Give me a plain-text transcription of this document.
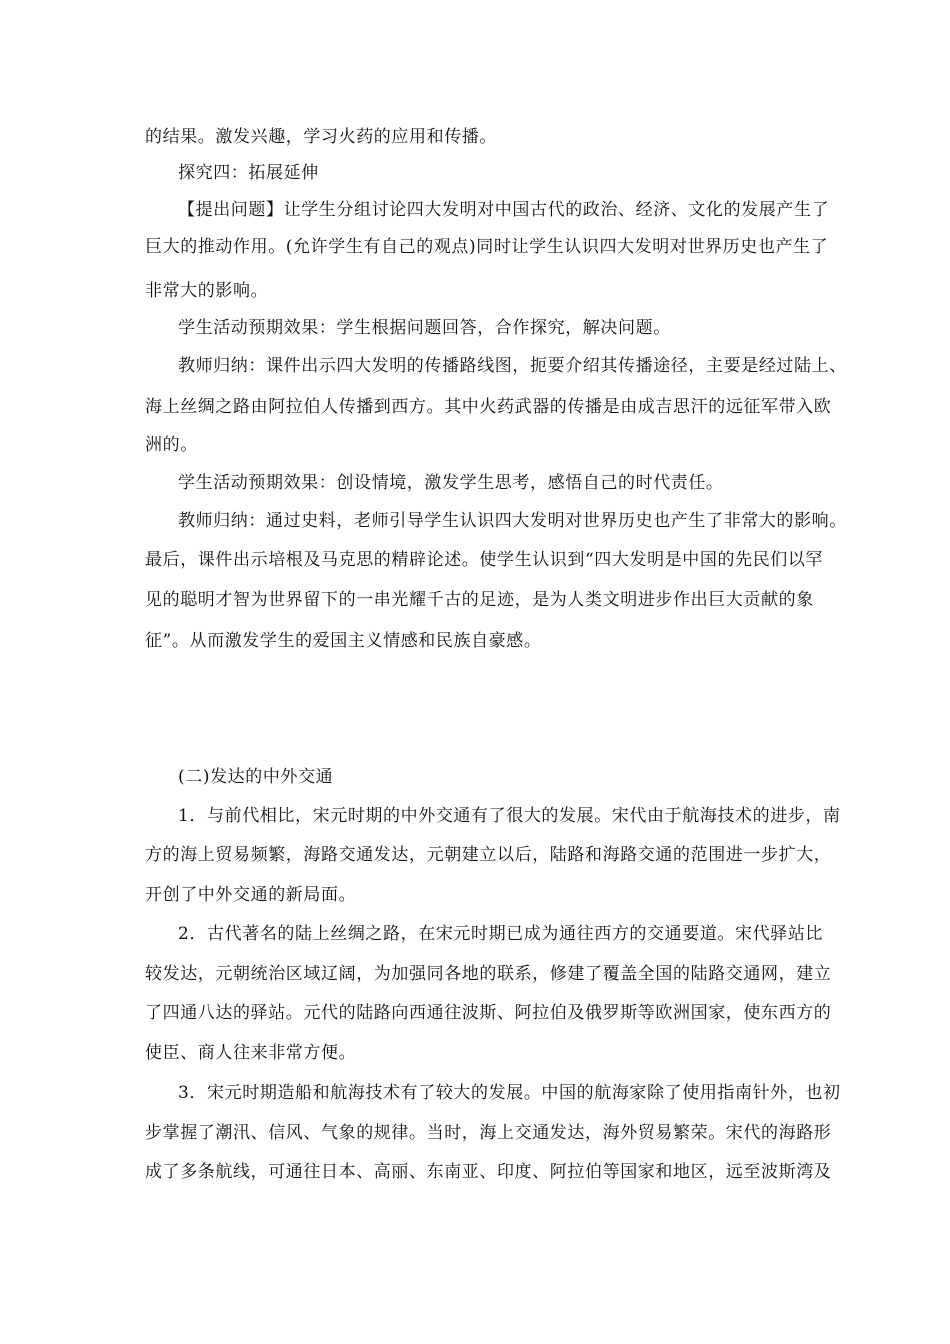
的结果。激发兴趣，学习火药的应用和传播。
探究四：拓展延伸
【提出问题】让学生分组讨论四大发明对中国古代的政治、经济、文化的发展产生了
巨大的推动作用。(允许学生有自己的观点)同时让学生认识四大发明对世界历史也产生了
非常大的影响。
学生活动预期效果：学生根据问题回答，合作探究，解决问题。
教师归纳：课件出示四大发明的传播路线图，扼要介绍其传播途径，主要是经过陆上、
海上丝绸之路由阿拉伯人传播到西方。其中火药武器的传播是由成吉思汗的远征军带入欧
洲的。
学生活动预期效果：创设情境，激发学生思考，感悟自己的时代责任。
教师归纳：通过史料，老师引导学生认识四大发明对世界历史也产生了非常大的影响。
最后，课件出示培根及马克思的精辟论述。使学生认识到“四大发明是中国的先民们以罕
见的聪明才智为世界留下的一串光耀千古的足迹，是为人类文明进步作出巨大贡献的象
征”。从而激发学生的爱国主义情感和民族自豪感。
(二)发达的中外交通
1．与前代相比，宋元时期的中外交通有了很大的发展。宋代由于航海技术的进步，南
方的海上贸易频繁，海路交通发达，元朝建立以后，陆路和海路交通的范围进一步扩大，
开创了中外交通的新局面。
2．古代著名的陆上丝绸之路，在宋元时期已成为通往西方的交通要道。宋代驿站比
较发达，元朝统治区域辽阔，为加强同各地的联系，修建了覆盖全国的陆路交通网，建立
了四通八达的驿站。元代的陆路向西通往波斯、阿拉伯及俄罗斯等欧洲国家，使东西方的
使臣、商人往来非常方便。
3．宋元时期造船和航海技术有了较大的发展。中国的航海家除了使用指南针外，也初
步掌握了潮汛、信风、气象的规律。当时，海上交通发达，海外贸易繁荣。宋代的海路形
成了多条航线，可通往日本、高丽、东南亚、印度、阿拉伯等国家和地区，远至波斯湾及
